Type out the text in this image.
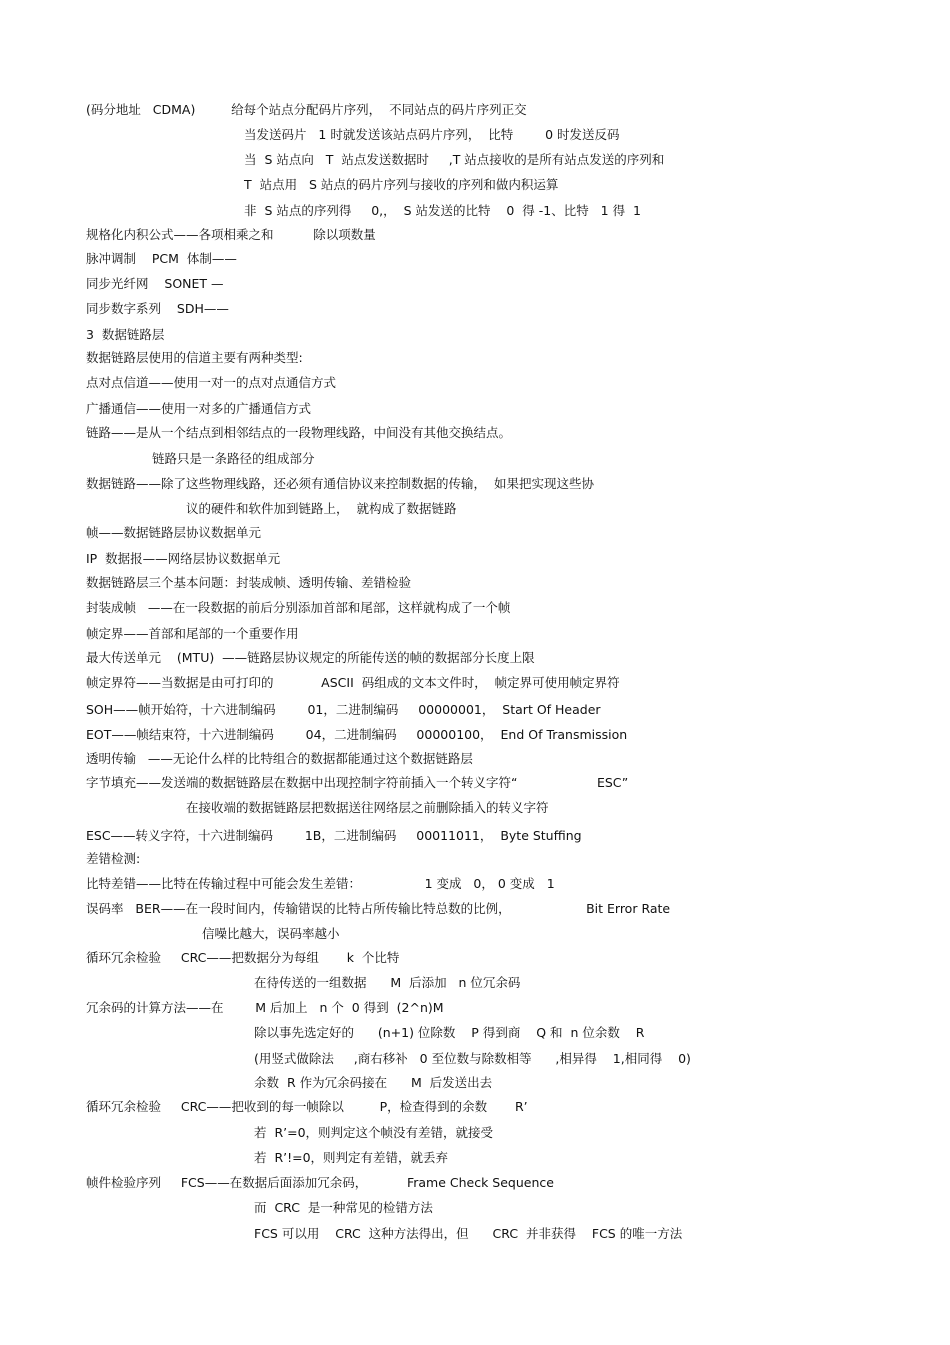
(码分地址   CDMA)         给每个站点分配码片序列，  不同站点的码片序列正交
当发送码片   1 时就发送该站点码片序列，  比特        0 时发送反码
当  S 站点向   T  站点发送数据时     ,T 站点接收的是所有站点发送的序列和
T  站点用   S 站点的码片序列与接收的序列和做内积运算
非  S 站点的序列得     0,，  S 站发送的比特    0  得 -1、比特   1 得  1
规格化内积公式——各项相乘之和          除以项数量
脉冲调制    PCM  体制——
同步光纤网    SONET —
同步数字系列    SDH——
3  数据链路层
数据链路层使用的信道主要有两种类型:
点对点信道——使用一对一的点对点通信方式
广播通信——使用一对多的广播通信方式
链路——是从一个结点到相邻结点的一段物理线路，中间没有其他交换结点。
链路只是一条路径的组成部分
数据链路——除了这些物理线路，还必须有通信协议来控制数据的传输，  如果把实现这些协
议的硬件和软件加到链路上，  就构成了数据链路
帧——数据链路层协议数据单元
IP  数据报——网络层协议数据单元
数据链路层三个基本问题：封装成帧、透明传输、差错检验
封装成帧   ——在一段数据的前后分别添加首部和尾部，这样就构成了一个帧
帧定界——首部和尾部的一个重要作用
最大传送单元    (MTU)  ——链路层协议规定的所能传送的帧的数据部分长度上限
帧定界符——当数据是由可打印的            ASCII  码组成的文本文件时，  帧定界可使用帧定界符
SOH——帧开始符，十六进制编码        01，二进制编码     00000001，  Start Of Header
EOT——帧结束符，十六进制编码        04，二进制编码     00000100，  End Of Transmission
透明传输   ——无论什么样的比特组合的数据都能通过这个数据链路层
字节填充——发送端的数据链路层在数据中出现控制字符前插入一个转义字符“                    ESC”
在接收端的数据链路层把数据送往网络层之前删除插入的转义字符
ESC——转义字符，十六进制编码        1B，二进制编码     00011011，  Byte Stuffing
差错检测:
比特差错——比特在传输过程中可能会发生差错：                1 变成   0， 0 变成   1
误码率   BER——在一段时间内，传输错误的比特占所传输比特总数的比例，                   Bit Error Rate
信噪比越大，误码率越小
循环冗余检验     CRC——把数据分为每组       k  个比特
在待传送的一组数据      M  后添加   n 位冗余码
冗余码的计算方法——在        M 后加上   n 个  0 得到  (2^n)M
除以事先选定好的      (n+1) 位除数    P 得到商    Q 和  n 位余数    R
(用竖式做除法     ,商右移补   0 至位数与除数相等      ,相异得    1,相同得    0)
余数  R 作为冗余码接在      M  后发送出去
循环冗余检验     CRC——把收到的每一帧除以         P，检查得到的余数       R’
若  R’=0，则判定这个帧没有差错，就接受
若  R’!=0，则判定有差错，就丢弃
帧件检验序列     FCS——在数据后面添加冗余码，          Frame Check Sequence
而  CRC  是一种常见的检错方法
FCS 可以用    CRC  这种方法得出，但      CRC  并非获得    FCS 的唯一方法
